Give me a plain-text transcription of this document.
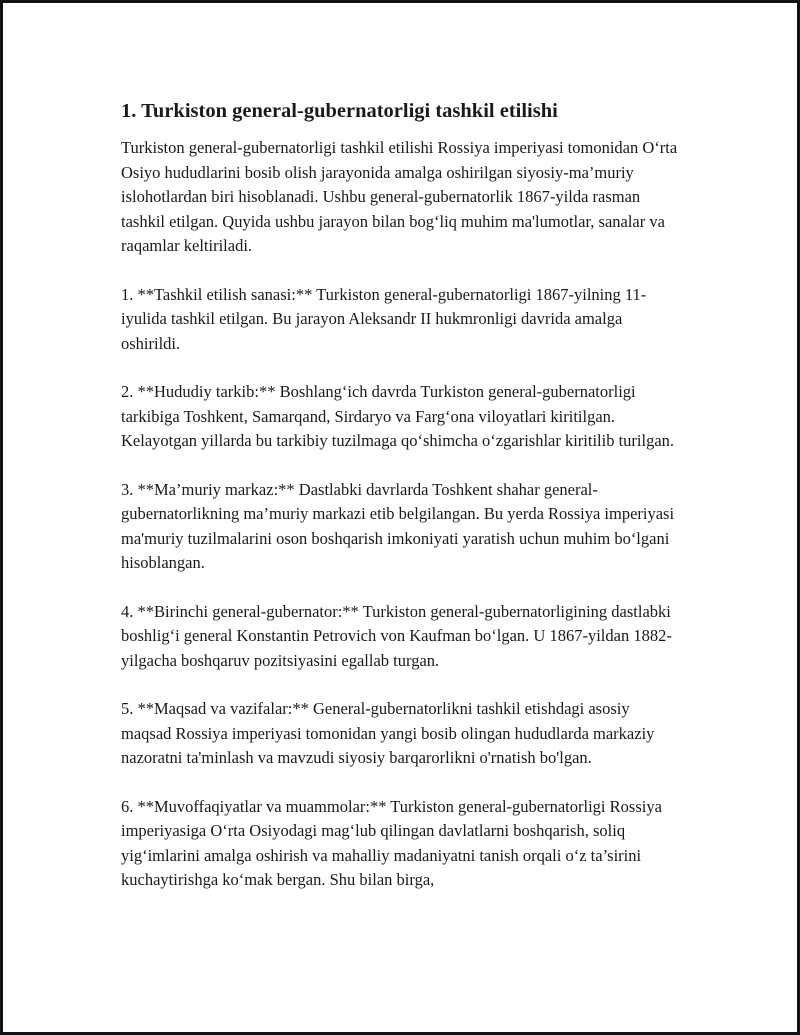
1. Turkiston general-gubernatorligi tashkil etilishi

Turkiston general-gubernatorligi tashkil etilishi Rossiya imperiyasi tomonidan O‘rta Osiyo hududlarini bosib olish jarayonida amalga oshirilgan siyosiy-ma’muriy islohotlardan biri hisoblanadi. Ushbu general-gubernatorlik 1867-yilda rasman tashkil etilgan. Quyida ushbu jarayon bilan bog‘liq muhim ma'lumotlar, sanalar va raqamlar keltiriladi.

1. **Tashkil etilish sanasi:** Turkiston general-gubernatorligi 1867-yilning 11-iyulida tashkil etilgan. Bu jarayon Aleksandr II hukmronligi davrida amalga oshirildi.

2. **Hududiy tarkib:** Boshlang‘ich davrda Turkiston general-gubernatorligi tarkibiga Toshkent, Samarqand, Sirdaryo va Farg‘ona viloyatlari kiritilgan. Kelayotgan yillarda bu tarkibiy tuzilmaga qo‘shimcha o‘zgarishlar kiritilib turilgan.

3. **Ma’muriy markaz:** Dastlabki davrlarda Toshkent shahar general-gubernatorlikning ma’muriy markazi etib belgilangan. Bu yerda Rossiya imperiyasi ma'muriy tuzilmalarini oson boshqarish imkoniyati yaratish uchun muhim bo‘lgani hisoblangan.

4. **Birinchi general-gubernator:** Turkiston general-gubernatorligining dastlabki boshlig‘i general Konstantin Petrovich von Kaufman bo‘lgan. U 1867-yildan 1882-yilgacha boshqaruv pozitsiyasini egallab turgan.

5. **Maqsad va vazifalar:** General-gubernatorlikni tashkil etishdagi asosiy maqsad Rossiya imperiyasi tomonidan yangi bosib olingan hududlarda markaziy nazoratni ta'minlash va mavzudi siyosiy barqarorlikni o'rnatish bo'lgan.

6. **Muvoffaqiyatlar va muammolar:** Turkiston general-gubernatorligi Rossiya imperiyasiga O‘rta Osiyodagi mag‘lub qilingan davlatlarni boshqarish, soliq yig‘imlarini amalga oshirish va mahalliy madaniyatni tanish orqali o‘z ta’sirini kuchaytirishga ko‘mak bergan. Shu bilan birga,
